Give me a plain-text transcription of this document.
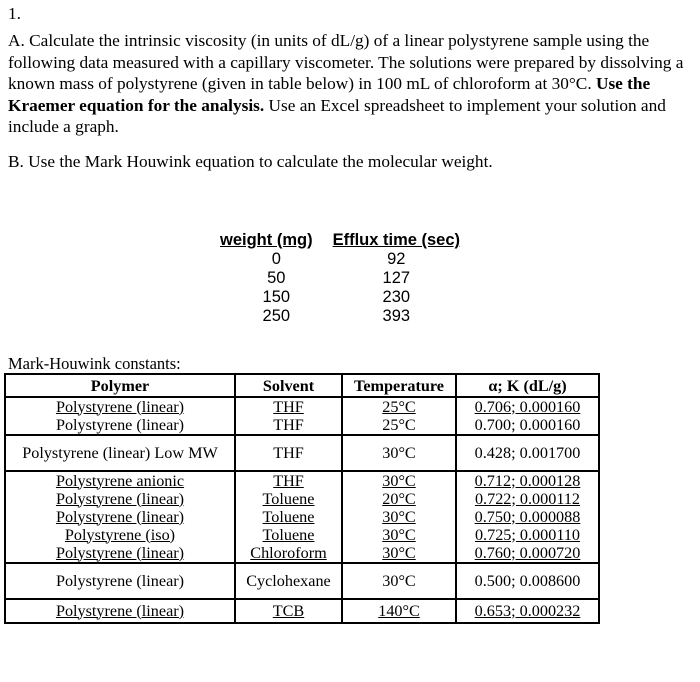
1.
A. Calculate the intrinsic viscosity (in units of dL/g) of a linear polystyrene sample using the following data measured with a capillary viscometer. The solutions were prepared by dissolving a known mass of polystyrene (given in table below) in 100 mL of chloroform at 30°C. Use the Kraemer equation for the analysis. Use an Excel spreadsheet to implement your solution and include a graph.
B. Use the Mark Houwink equation to calculate the molecular weight.
weight (mg)	Efflux time (sec)
0	92
50	127
150	230
250	393
Mark-Houwink constants:
Polymer	Solvent	Temperature	α; K (dL/g)
Polystyrene (linear)	THF	25°C	0.706; 0.000160
Polystyrene (linear)	THF	25°C	0.700; 0.000160
Polystyrene (linear) Low MW	THF	30°C	0.428; 0.001700
Polystyrene anionic	THF	30°C	0.712; 0.000128
Polystyrene (linear)	Toluene	20°C	0.722; 0.000112
Polystyrene (linear)	Toluene	30°C	0.750; 0.000088
Polystyrene (iso)	Toluene	30°C	0.725; 0.000110
Polystyrene (linear)	Chloroform	30°C	0.760; 0.000720
Polystyrene (linear)	Cyclohexane	30°C	0.500; 0.008600
Polystyrene (linear)	TCB	140°C	0.653; 0.000232
